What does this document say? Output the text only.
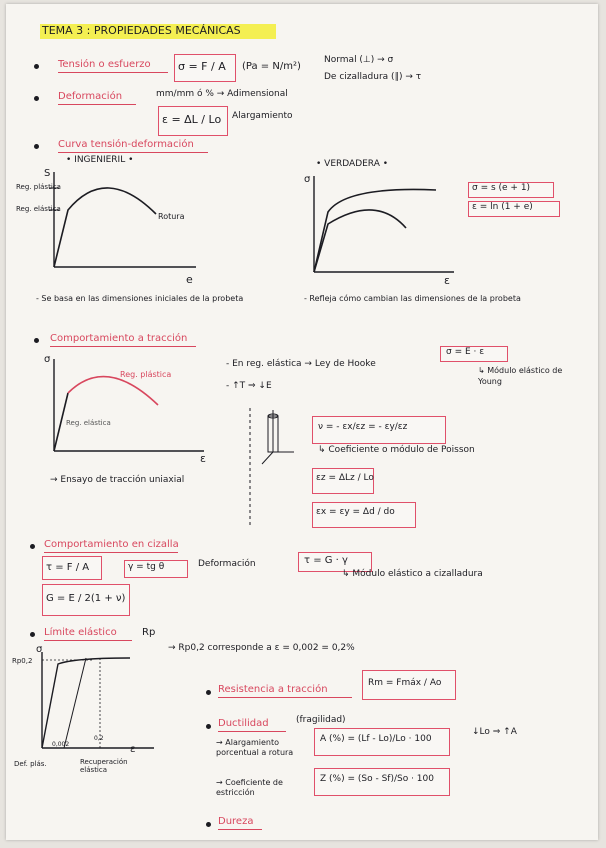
TEMA 3 : PROPIEDADES MECÁNICAS
Tensión o esfuerzo σ = F / A (Pa = N/m²)
Normal (⊥) → σ
De cizalladura (∥) → τ
Deformación	mm/mm ó % → Adimensional
ε = ΔL / Lo Alargamiento
Curva tensión-deformación
• INGENIERIL •	• VERDADERA •
S
Reg. plástica
Reg. elástica
Rotura
e
σ
ε
σ = s (e + 1)
ε = ln (1 + e)
- Se basa en las dimensiones iniciales de la probeta	- Refleja cómo cambian las dimensiones de la probeta
Comportamiento a tracción
σ
Reg. plástica
Reg. elástica
ε
- En reg. elástica → Ley de Hooke
σ = E · ε
↳ Módulo elástico de Young
- ↑T ⇒ ↓E
ν = - εx/εz = - εy/εz
↳ Coeficiente o módulo de Poisson
εz = ΔLz / Lo
εx = εy = Δd / do
→ Ensayo de tracción uniaxial
Comportamiento en cizalla
τ = F / A	γ = tg θ	Deformación	τ = G · γ
↳ Módulo elástico a cizalladura
G = E / 2(1 + ν)
Límite elástico	Rp
→ Rp0,2 corresponde a ε = 0,002 = 0,2%
σ
Rp0,2
0,002
0,2
ε
Def. plás.	Recuperación elástica
Resistencia a tracción
Rm = Fmáx / Ao
Ductilidad	(fragilidad)
→ Alargamiento porcentual a rotura
A (%) = (Lf - Lo)/Lo · 100
↓Lo ⇒ ↑A
→ Coeficiente de estricción
Z (%) = (So - Sf)/So · 100
Dureza
